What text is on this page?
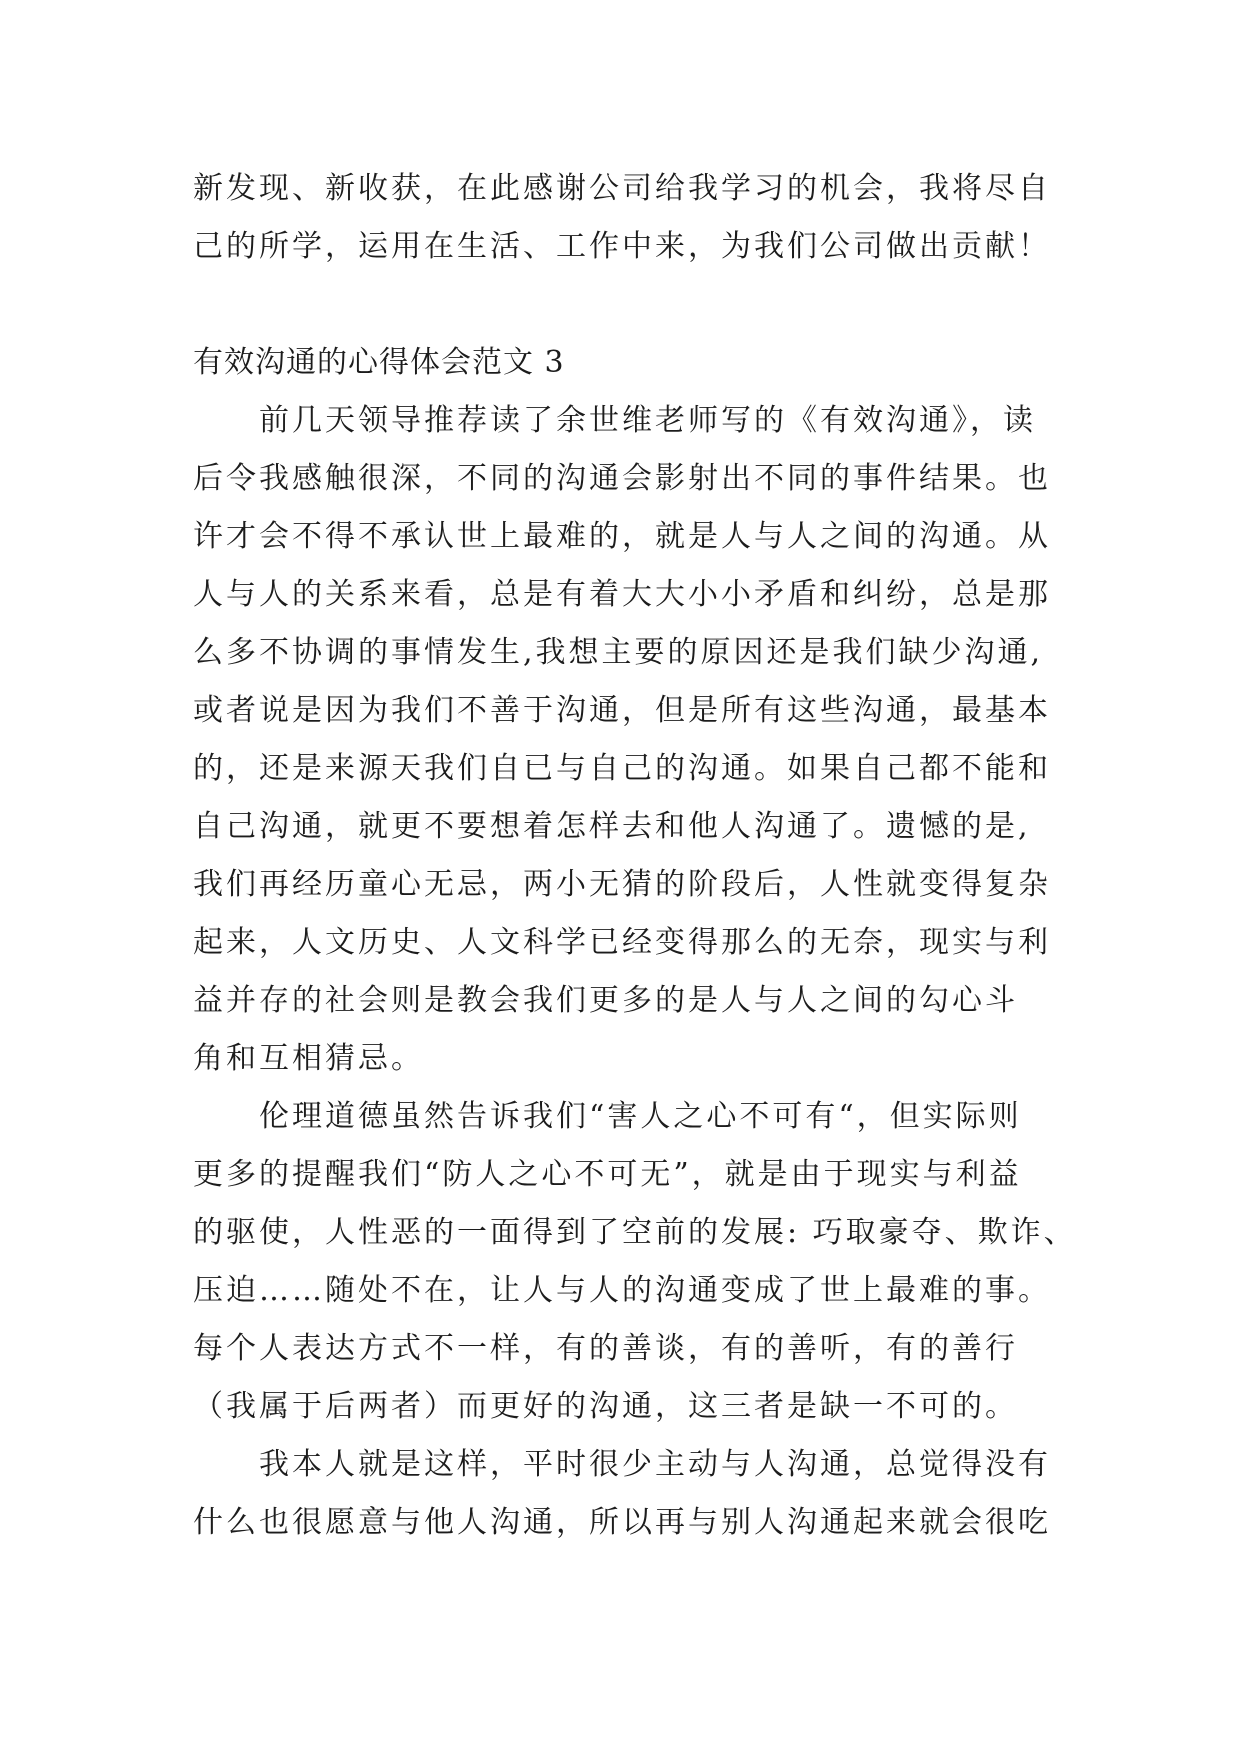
新发现、新收获，在此感谢公司给我学习的机会，我将尽自
己的所学，运用在生活、工作中来，为我们公司做出贡献！
有效沟通的心得体会范文 3
前几天领导推荐读了余世维老师写的《有效沟通》，读
后令我感触很深，不同的沟通会影射出不同的事件结果。也
许才会不得不承认世上最难的，就是人与人之间的沟通。从
人与人的关系来看，总是有着大大小小矛盾和纠纷，总是那
么多不协调的事情发生,我想主要的原因还是我们缺少沟通,
或者说是因为我们不善于沟通，但是所有这些沟通，最基本
的，还是来源天我们自已与自己的沟通。如果自己都不能和
自己沟通，就更不要想着怎样去和他人沟通了。遗憾的是,
我们再经历童心无忌，两小无猜的阶段后，人性就变得复杂
起来，人文历史、人文科学已经变得那么的无奈，现实与利
益并存的社会则是教会我们更多的是人与人之间的勾心斗
角和互相猜忌。
伦理道德虽然告诉我们“害人之心不可有“，但实际则
更多的提醒我们“防人之心不可无”，就是由于现实与利益
的驱使，人性恶的一面得到了空前的发展: 巧取豪夺、欺诈、
压迫……随处不在，让人与人的沟通变成了世上最难的事。
每个人表达方式不一样，有的善谈，有的善听，有的善行
（我属于后两者）而更好的沟通，这三者是缺一不可的。
我本人就是这样，平时很少主动与人沟通，总觉得没有
什么也很愿意与他人沟通，所以再与别人沟通起来就会很吃
